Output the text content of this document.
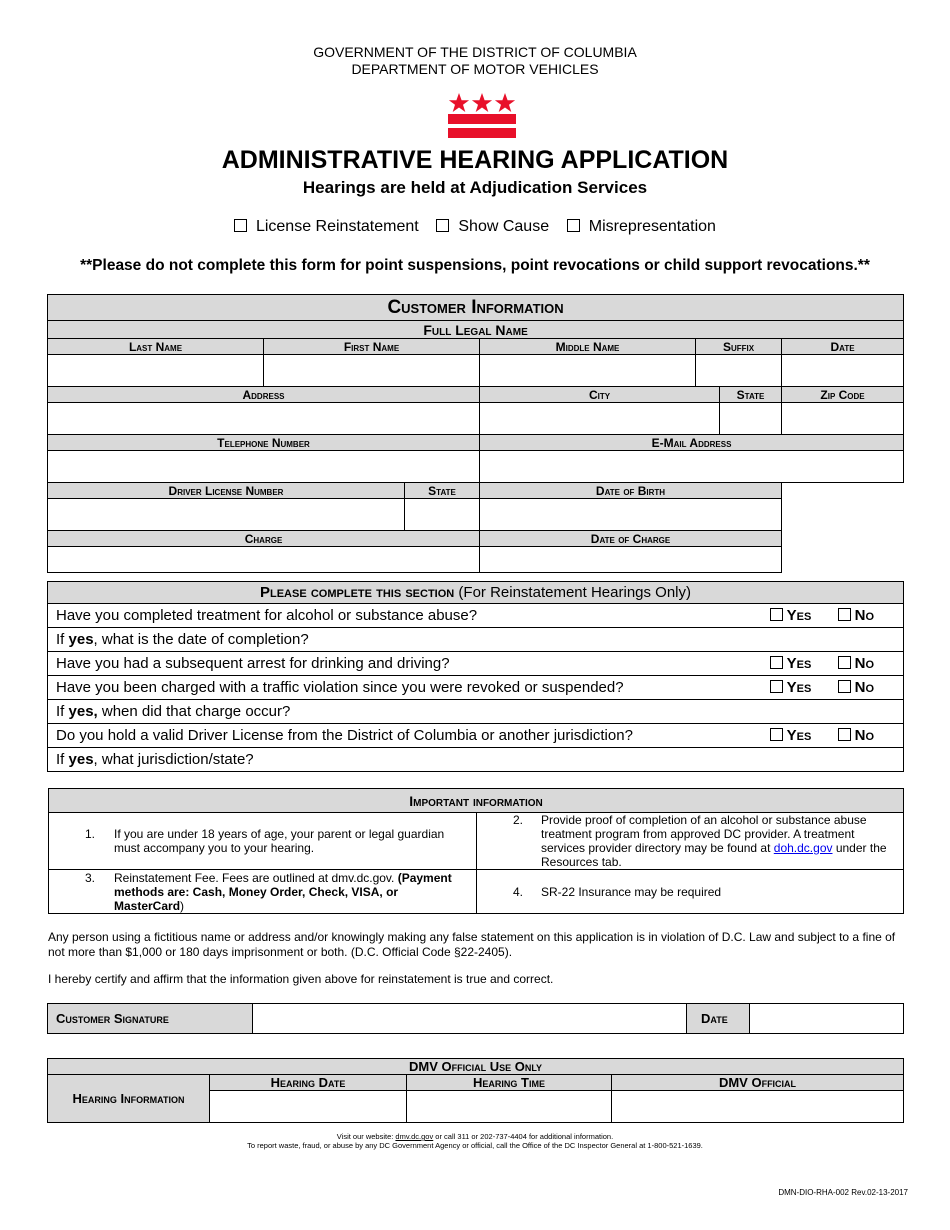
GOVERNMENT OF THE DISTRICT OF COLUMBIA
DEPARTMENT OF MOTOR VEHICLES
ADMINISTRATIVE HEARING APPLICATION
Hearings are held at Adjudication Services
License Reinstatement Show Cause Misrepresentation
**Please do not complete this form for point suspensions, point revocations or child support revocations.**
Customer Information						
Full Legal Name						
Last Name	First Name		Middle Name	Suffix		Date

Address			City		State	Zip Code

Telephone Number			E-Mail Address			

Driver License Number		State	Date of Birth			

Charge			Date of Charge			

Please complete this section (For Reinstatement Hearings Only)		
Have you completed treatment for alcohol or substance abuse?	Yes	No
If yes, what is the date of completion?		
Have you had a subsequent arrest for drinking and driving?	Yes	No
Have you been charged with a traffic violation since you were revoked or suspended?	Yes	No
If yes, when did that charge occur?		
Do you hold a valid Driver License from the District of Columbia or another jurisdiction?	Yes	No
If yes, what jurisdiction/state?		
Important information	

1. If you are under 18 years of age, your parent or legal guardian must accompany you to your hearing.	2. Provide proof of completion of an alcohol or substance abuse treatment program from approved DC provider. A treatment services provider directory may be found at doh.dc.gov under the Resources tab.

3. Reinstatement Fee. Fees are outlined at dmv.dc.gov. (Payment methods are: Cash, Money Order, Check, VISA, or MasterCard)	4. SR-22 Insurance may be required
Any person using a fictitious name or address and/or knowingly making any false statement on this application is in violation of D.C. Law and subject to a fine of not more than $1,000 or 180 days imprisonment or both. (D.C. Official Code §22-2405).
I hereby certify and affirm that the information given above for reinstatement is true and correct.
Customer Signature		Date	
DMV Official Use Only			
Hearing Information	Hearing Date	Hearing Time	DMV Official

Visit our website: dmv.dc.gov or call 311 or 202-737-4404 for additional information.
To report waste, fraud, or abuse by any DC Government Agency or official, call the Office of the DC Inspector General at 1-800-521-1639.
DMN-DIO-RHA-002 Rev.02-13-2017
